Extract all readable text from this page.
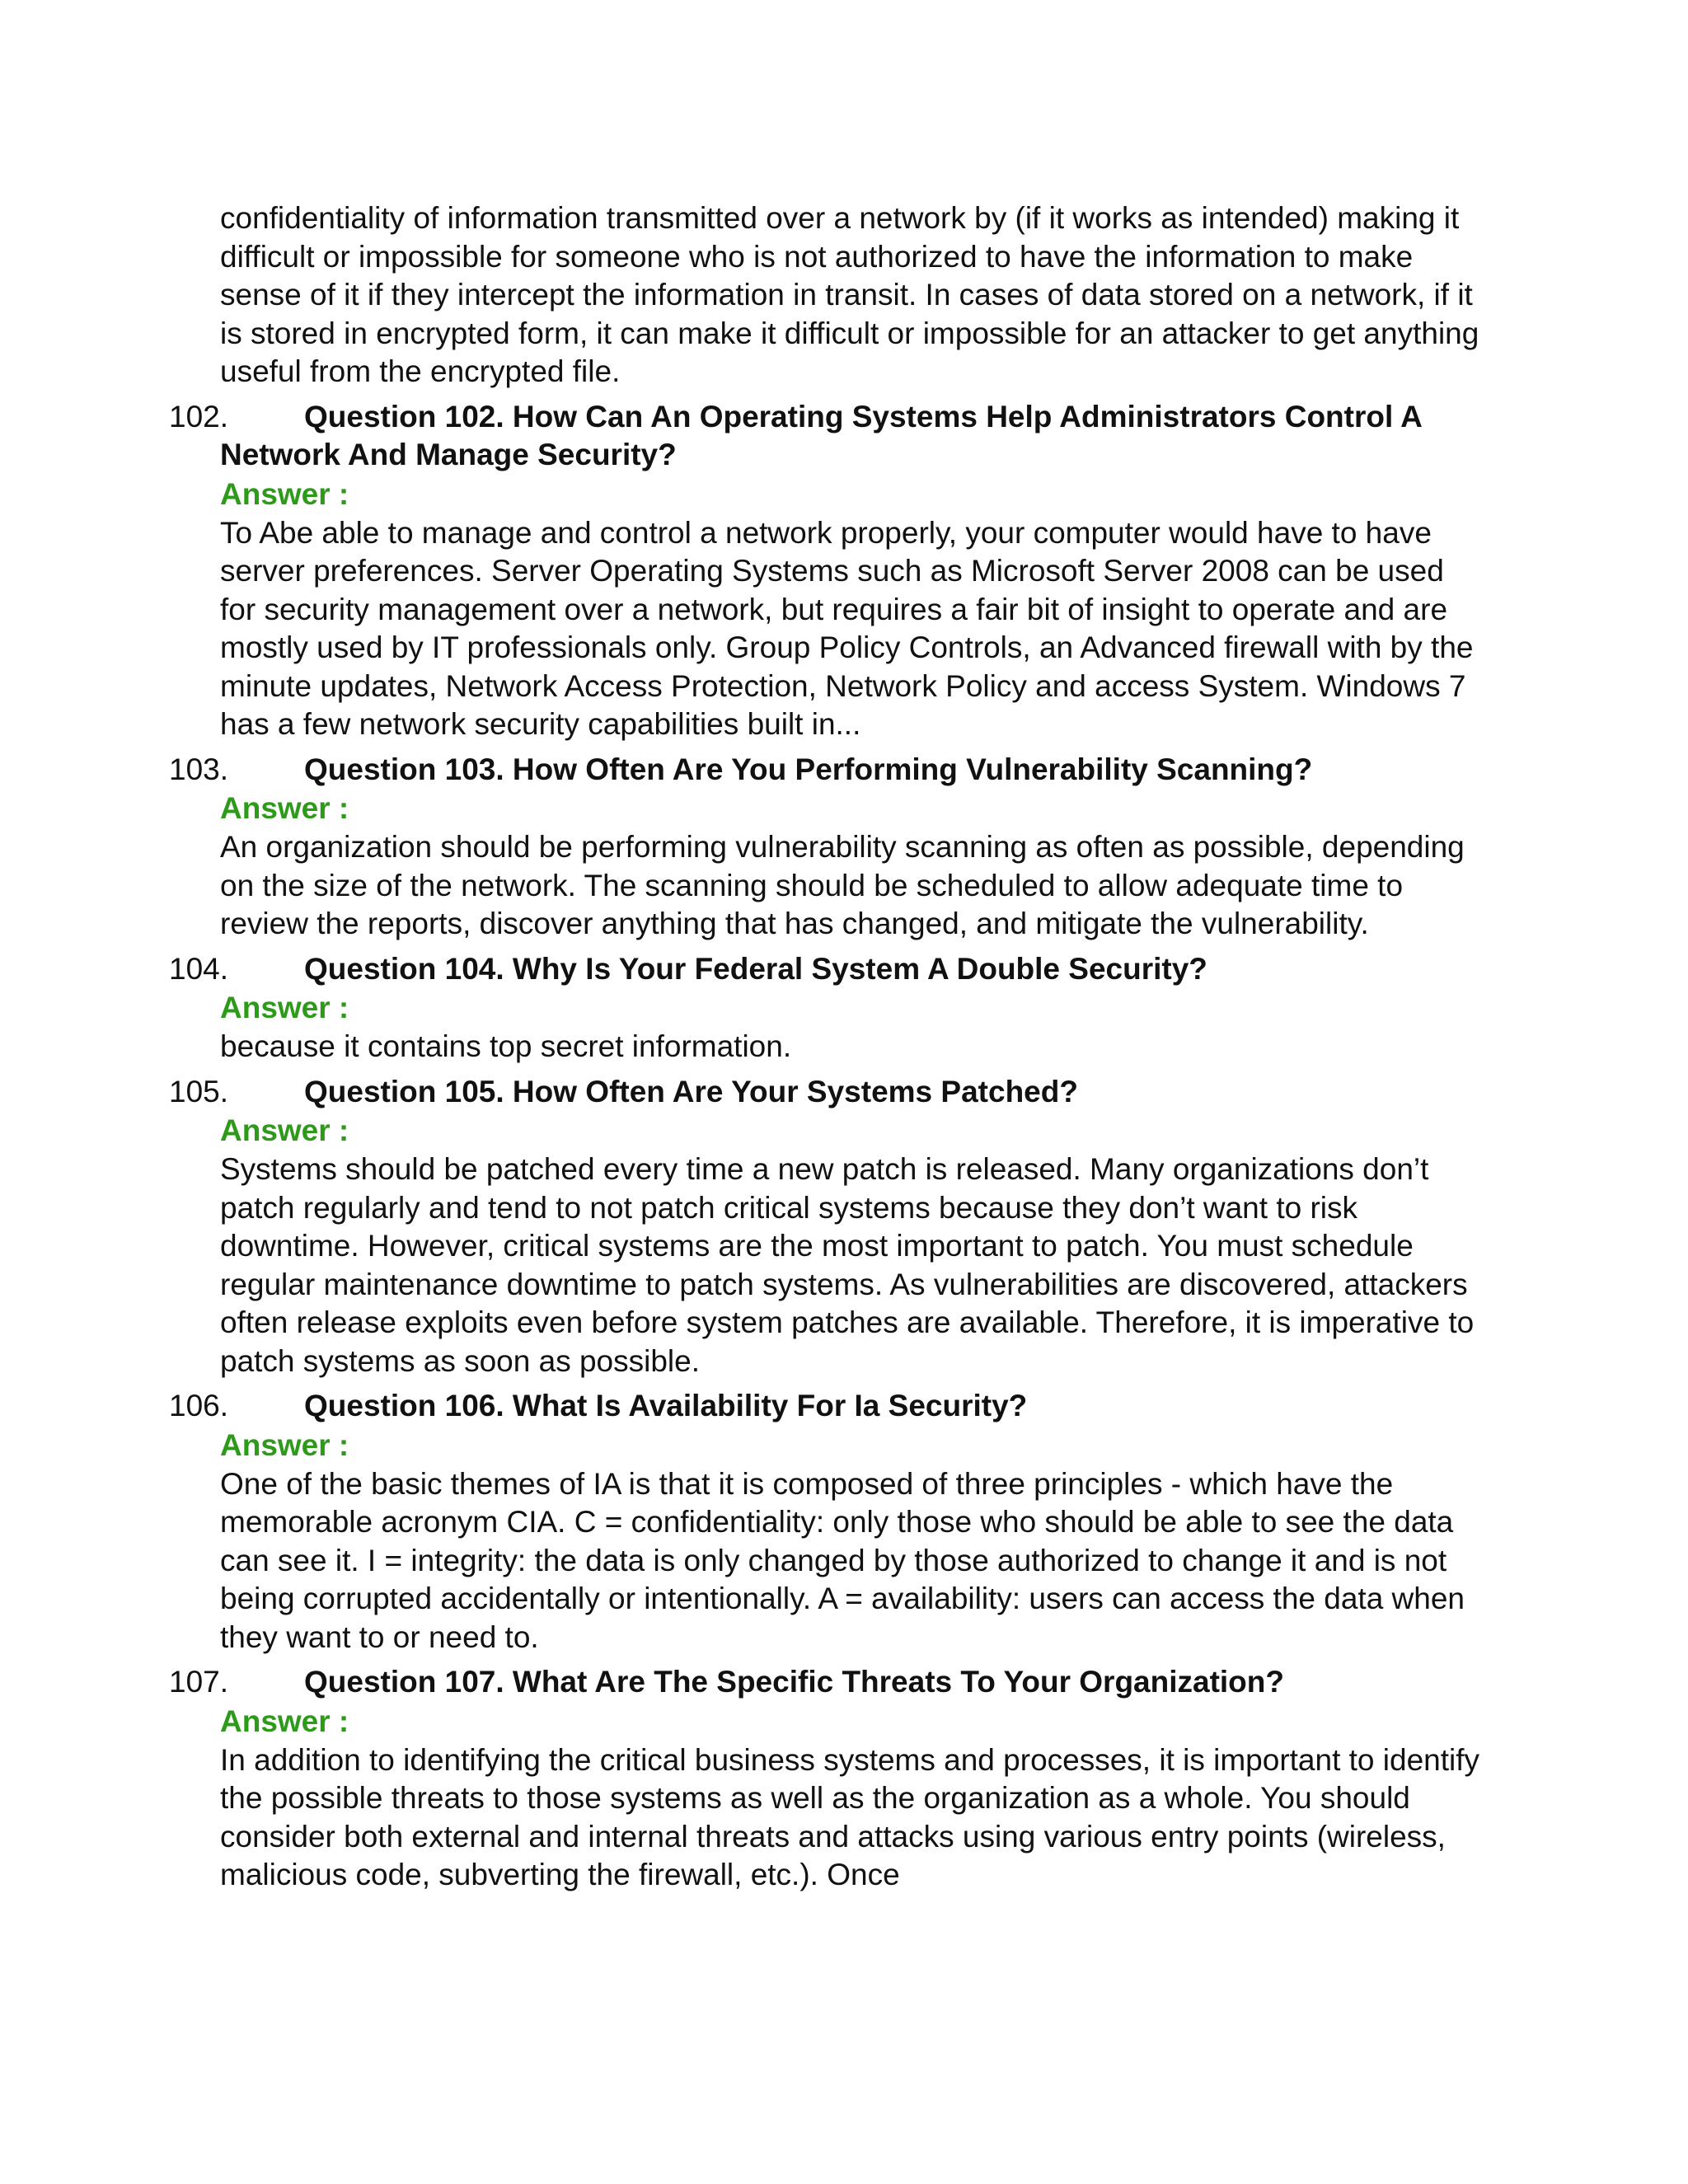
confidentiality of information transmitted over a network by (if it works as intended) making it difficult or impossible for someone who is not authorized to have the information to make sense of it if they intercept the information in transit. In cases of data stored on a network, if it is stored in encrypted form, it can make it difficult or impossible for an attacker to get anything useful from the encrypted file.

102.	Question 102. How Can An Operating Systems Help Administrators Control A Network And Manage Security?

Answer :

To Abe able to manage and control a network properly, your computer would have to have server preferences. Server Operating Systems such as Microsoft Server 2008 can be used for security management over a network, but requires a fair bit of insight to operate and are mostly used by IT professionals only. Group Policy Controls, an Advanced firewall with by the minute updates, Network Access Protection, Network Policy and access System. Windows 7 has a few network security capabilities built in...

103.	Question 103. How Often Are You Performing Vulnerability Scanning?

Answer :

An organization should be performing vulnerability scanning as often as possible, depending on the size of the network. The scanning should be scheduled to allow adequate time to review the reports, discover anything that has changed, and mitigate the vulnerability.

104.	Question 104. Why Is Your Federal System A Double Security?

Answer :

because it contains top secret information.

105.	Question 105. How Often Are Your Systems Patched?

Answer :

Systems should be patched every time a new patch is released. Many organizations don’t patch regularly and tend to not patch critical systems because they don’t want to risk downtime. However, critical systems are the most important to patch. You must schedule regular maintenance downtime to patch systems. As vulnerabilities are discovered, attackers often release exploits even before system patches are available. Therefore, it is imperative to patch systems as soon as possible.

106.	Question 106. What Is Availability For Ia Security?

Answer :

One of the basic themes of IA is that it is composed of three principles - which have the memorable acronym CIA. C = confidentiality: only those who should be able to see the data can see it. I = integrity: the data is only changed by those authorized to change it and is not being corrupted accidentally or intentionally. A = availability: users can access the data when they want to or need to.

107.	Question 107. What Are The Specific Threats To Your Organization?

Answer :

In addition to identifying the critical business systems and processes, it is important to identify the possible threats to those systems as well as the organization as a whole. You should consider both external and internal threats and attacks using various entry points (wireless, malicious code, subverting the firewall, etc.). Once
